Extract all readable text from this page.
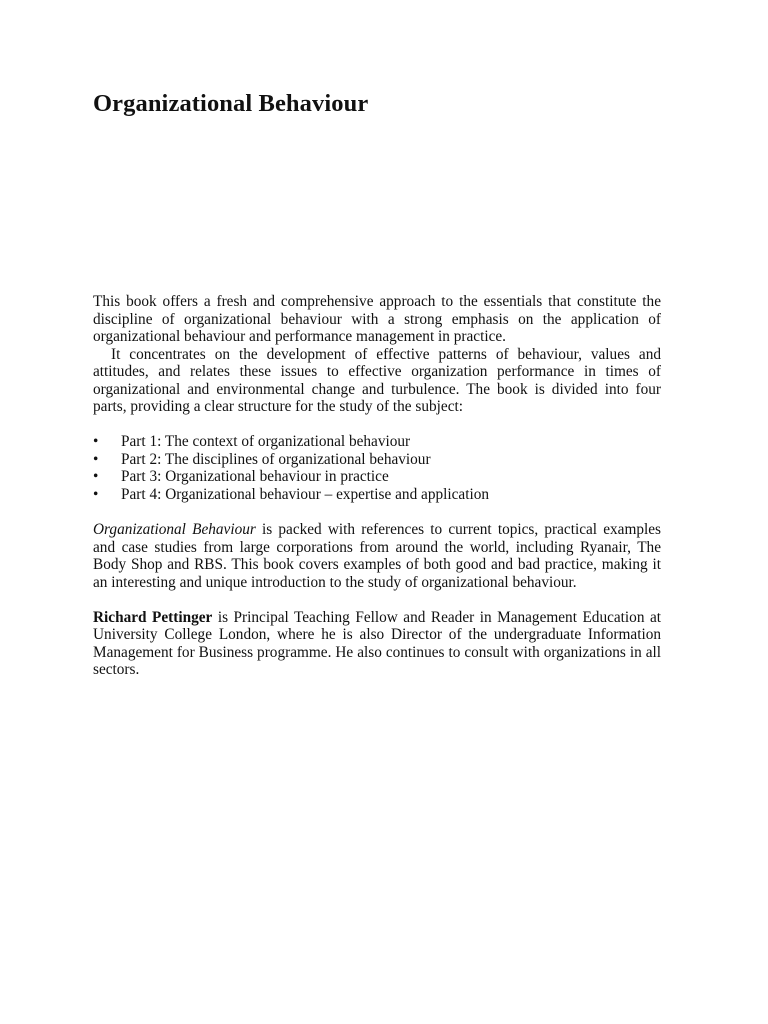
Organizational Behaviour

This book offers a fresh and comprehensive approach to the essentials that constitute the discipline of organizational behaviour with a strong emphasis on the application of organizational behaviour and performance management in practice.

It concentrates on the development of effective patterns of behaviour, values and attitudes, and relates these issues to effective organization performance in times of organizational and environmental change and turbulence. The book is divided into four parts, providing a clear structure for the study of the subject:

• Part 1: The context of organizational behaviour
• Part 2: The disciplines of organizational behaviour
• Part 3: Organizational behaviour in practice
• Part 4: Organizational behaviour – expertise and application

Organizational Behaviour is packed with references to current topics, practical examples and case studies from large corporations from around the world, including Ryanair, The Body Shop and RBS. This book covers examples of both good and bad practice, making it an interesting and unique introduction to the study of organizational behaviour.

Richard Pettinger is Principal Teaching Fellow and Reader in Management Education at University College London, where he is also Director of the undergraduate Information Management for Business programme. He also continues to consult with organizations in all sectors.
